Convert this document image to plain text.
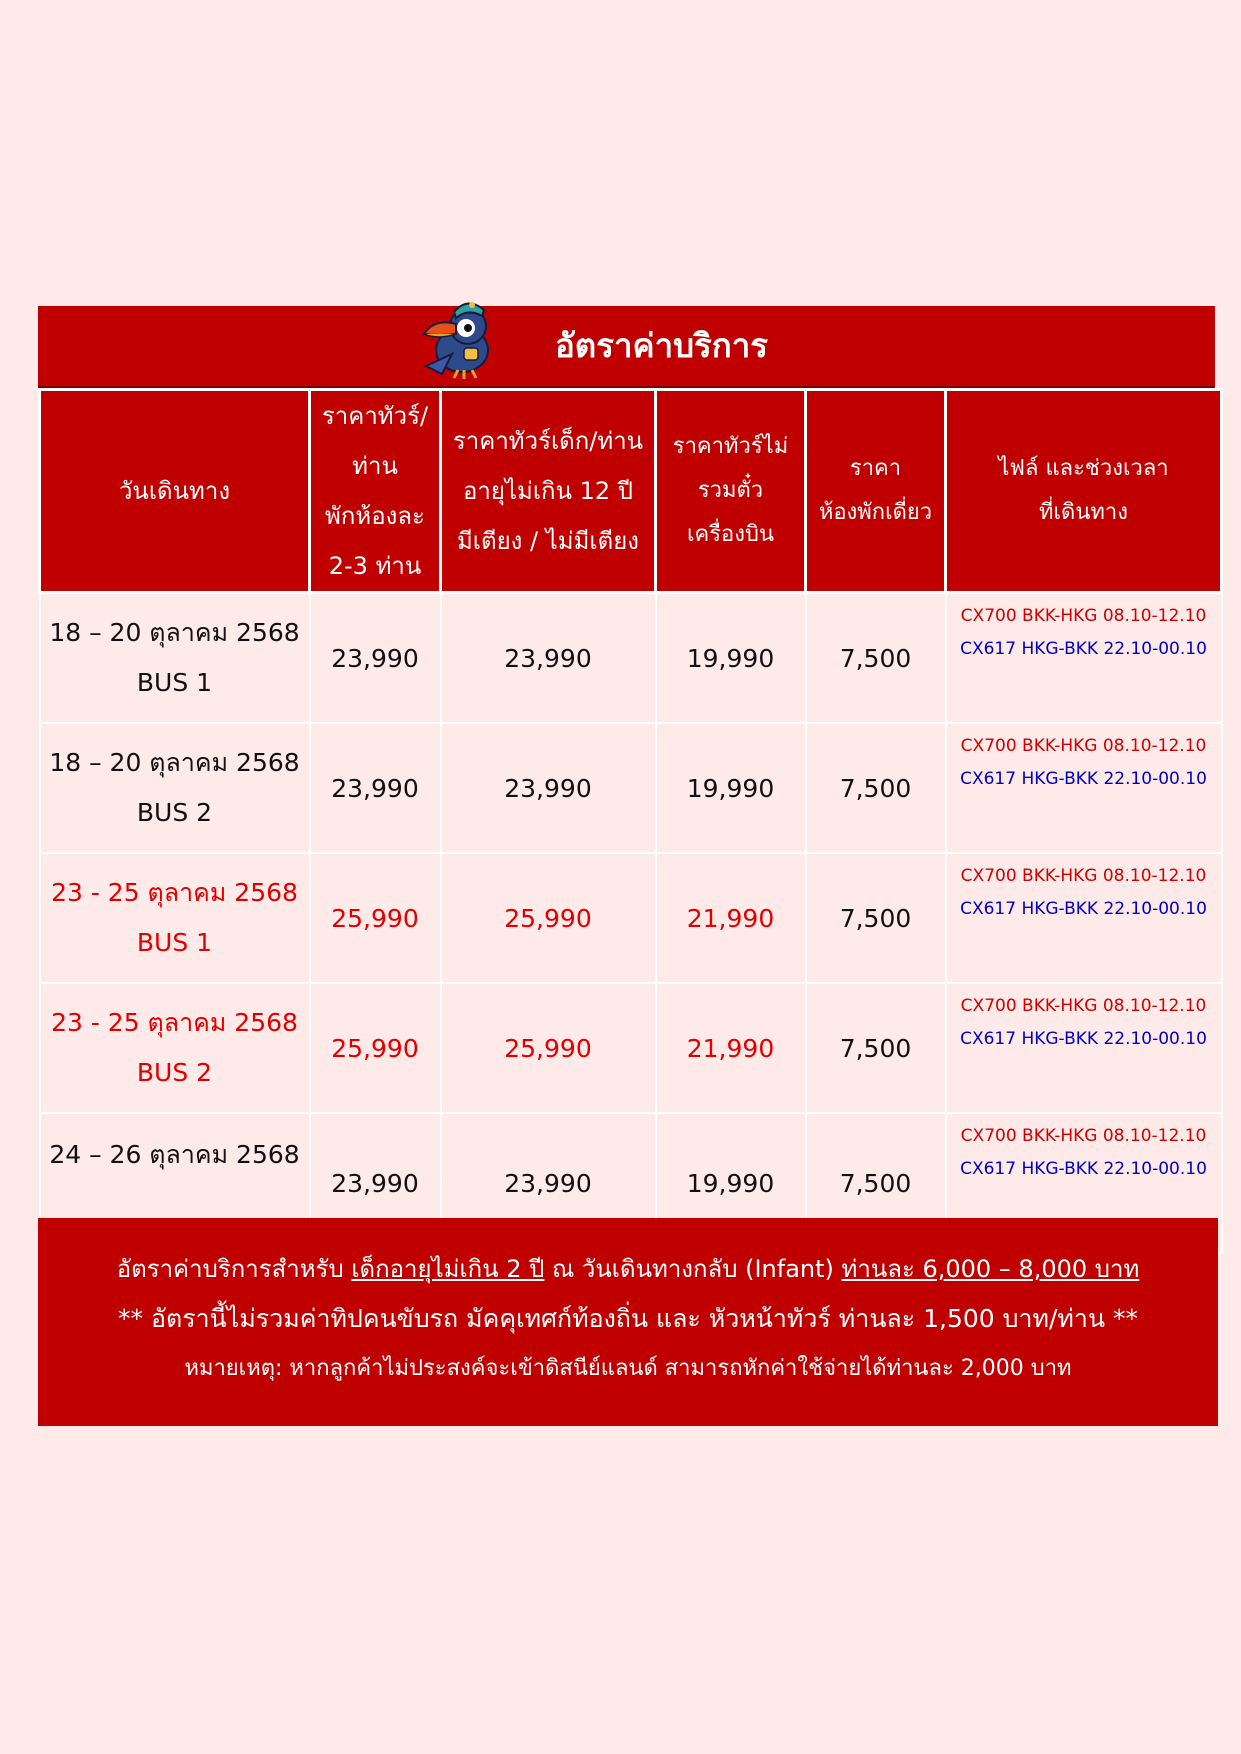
อัตราค่าบริการ
วันเดินทาง	ราคาทัวร์/
ท่าน
พักห้องละ
2-3 ท่าน	ราคาทัวร์เด็ก/ท่าน
อายุไม่เกิน 12 ปี
มีเตียง / ไม่มีเตียง	ราคาทัวร์ไม่
รวมตั๋ว
เครื่องบิน	ราคา
ห้องพักเดี่ยว	ไฟล์ และช่วงเวลา
ที่เดินทาง

18 – 20 ตุลาคม 2568
BUS 1	23,990	23,990	19,990	7,500	CX700 BKK-HKG 08.10-12.10
CX617 HKG-BKK 22.10-00.10

18 – 20 ตุลาคม 2568
BUS 2	23,990	23,990	19,990	7,500	CX700 BKK-HKG 08.10-12.10
CX617 HKG-BKK 22.10-00.10

23 - 25 ตุลาคม 2568
BUS 1	25,990	25,990	21,990	7,500	CX700 BKK-HKG 08.10-12.10
CX617 HKG-BKK 22.10-00.10

23 - 25 ตุลาคม 2568
BUS 2	25,990	25,990	21,990	7,500	CX700 BKK-HKG 08.10-12.10
CX617 HKG-BKK 22.10-00.10

24 – 26 ตุลาคม 2568	23,990	23,990	19,990	7,500	CX700 BKK-HKG 08.10-12.10
CX617 HKG-BKK 22.10-00.10
อัตราค่าบริการสำหรับ เด็กอายุไม่เกิน 2 ปี ณ วันเดินทางกลับ (Infant) ท่านละ 6,000 – 8,000 บาท
** อัตรานี้ไม่รวมค่าทิปคนขับรถ มัคคุเทศก์ท้องถิ่น และ หัวหน้าทัวร์ ท่านละ 1,500 บาท/ท่าน **
หมายเหตุ: หากลูกค้าไม่ประสงค์จะเข้าดิสนีย์แลนด์ สามารถหักค่าใช้จ่ายได้ท่านละ 2,000 บาท
